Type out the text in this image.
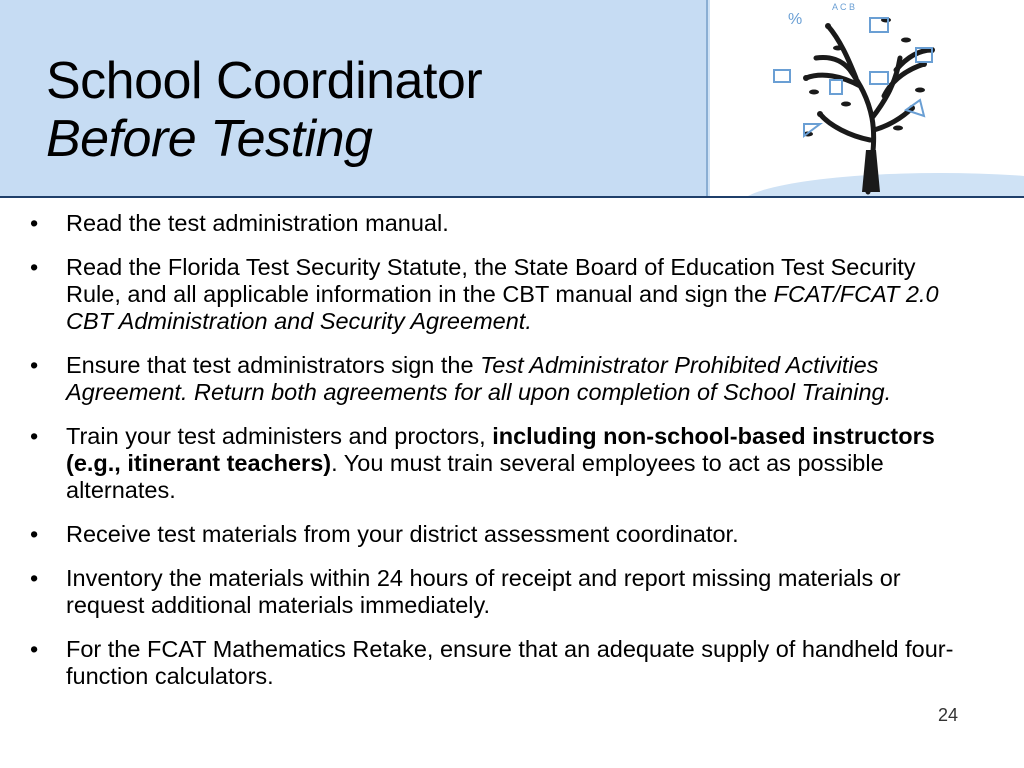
School Coordinator
Before Testing
%
A C B
• Read the test administration manual.
• Read the Florida Test Security Statute, the State Board of Education Test Security Rule, and all applicable information in the CBT manual and sign the FCAT/FCAT 2.0 CBT Administration and Security Agreement.
• Ensure that test administrators sign the Test Administrator Prohibited Activities Agreement. Return both agreements for all upon completion of School Training.
• Train your test administers and proctors, including non-school-based instructors (e.g., itinerant teachers). You must train several employees to act as possible alternates.
• Receive test materials from your district assessment coordinator.
• Inventory the materials within 24 hours of receipt and report missing materials or request additional materials immediately.
• For the FCAT Mathematics Retake, ensure that an adequate supply of handheld four-function calculators.
24
